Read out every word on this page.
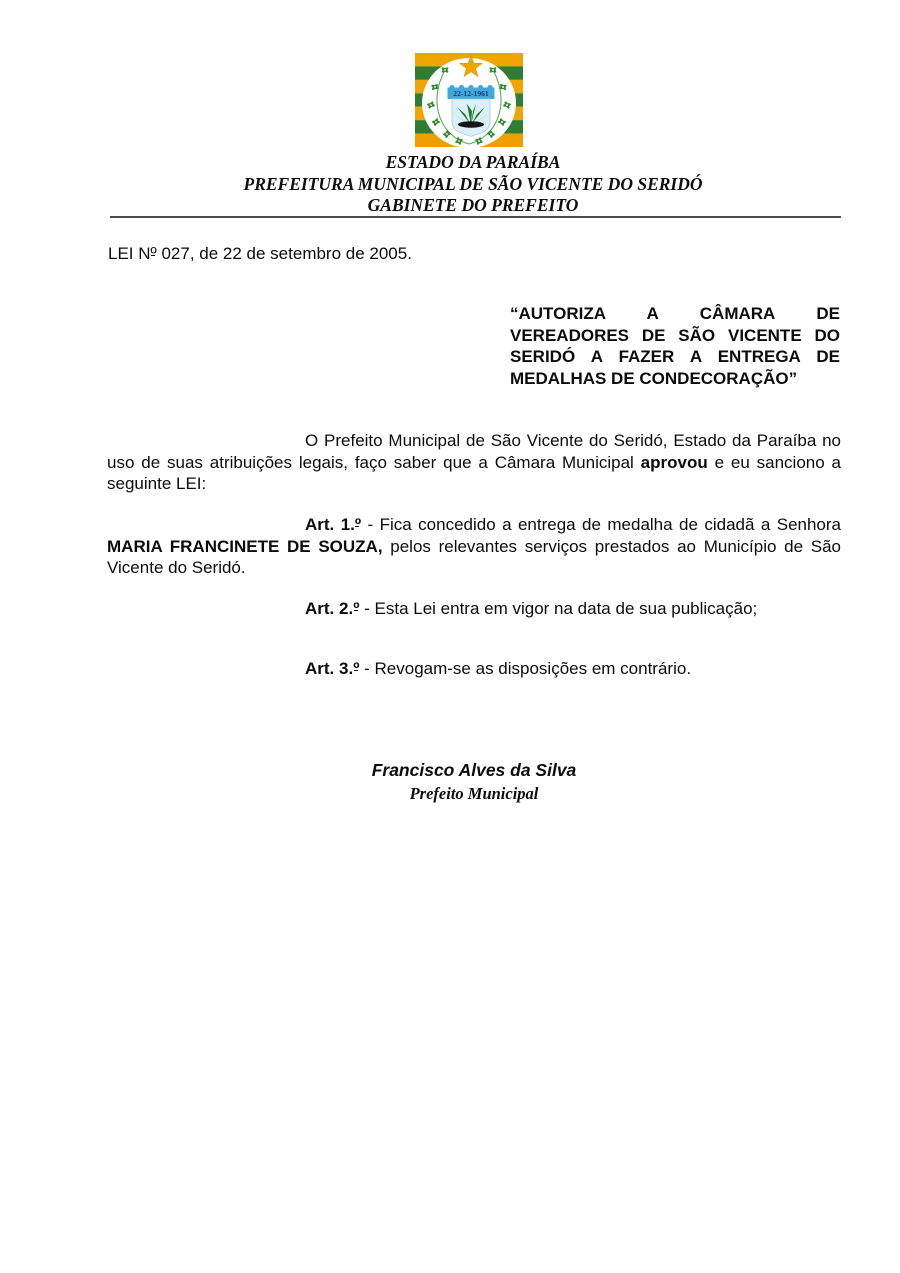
22-12-1961
ESTADO DA PARAÍBA
PREFEITURA MUNICIPAL DE SÃO VICENTE DO SERIDÓ
GABINETE DO PREFEITO

LEI Nº 027, de 22 de setembro de 2005.

“AUTORIZA A CÂMARA DE VEREADORES DE SÃO VICENTE DO SERIDÓ A FAZER A ENTREGA DE MEDALHAS DE CONDECORAÇÃO”

O Prefeito Municipal de São Vicente do Seridó, Estado da Paraíba no uso de suas atribuições legais, faço saber que a Câmara Municipal aprovou e eu sanciono a seguinte LEI:

Art. 1.º - Fica concedido a entrega de medalha de cidadã a Senhora MARIA FRANCINETE DE SOUZA, pelos relevantes serviços prestados ao Município de São Vicente do Seridó.

Art. 2.º - Esta Lei entra em vigor na data de sua publicação;

Art. 3.º - Revogam-se as disposições em contrário.

Francisco Alves da Silva
Prefeito Municipal
